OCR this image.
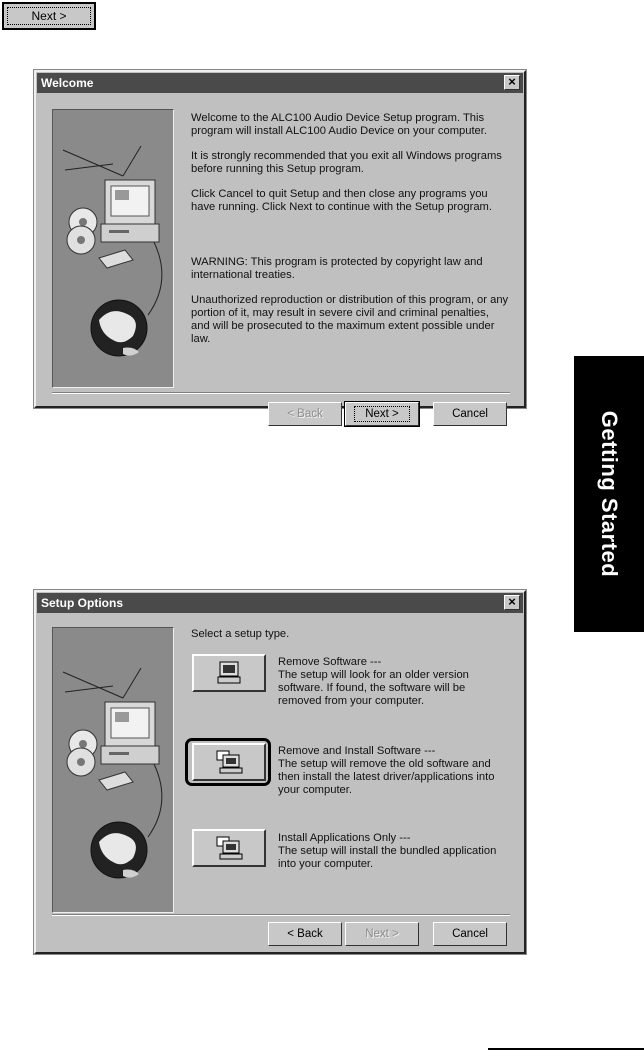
Next >
Welcome	×

Welcome to the ALC100 Audio Device Setup program. This program will install ALC100 Audio Device on your computer.

It is strongly recommended that you exit all Windows programs before running this Setup program.

Click Cancel to quit Setup and then close any programs you have running. Click Next to continue with the Setup program.

WARNING: This program is protected by copyright law and international treaties.

Unauthorized reproduction or distribution of this program, or any portion of it, may result in severe civil and criminal penalties, and will be prosecuted to the maximum extent possible under law.

< Back	Next >	Cancel
Setup Options	×
Select a setup type.
Remove Software ---
The setup will look for an older version software. If found, the software will be removed from your computer.
Remove and Install Software ---
The setup will remove the old software and then install the latest driver/applications into your computer.
Install Applications Only ---
The setup will install the bundled application into your computer.
< Back	Next >	Cancel
Getting Started
